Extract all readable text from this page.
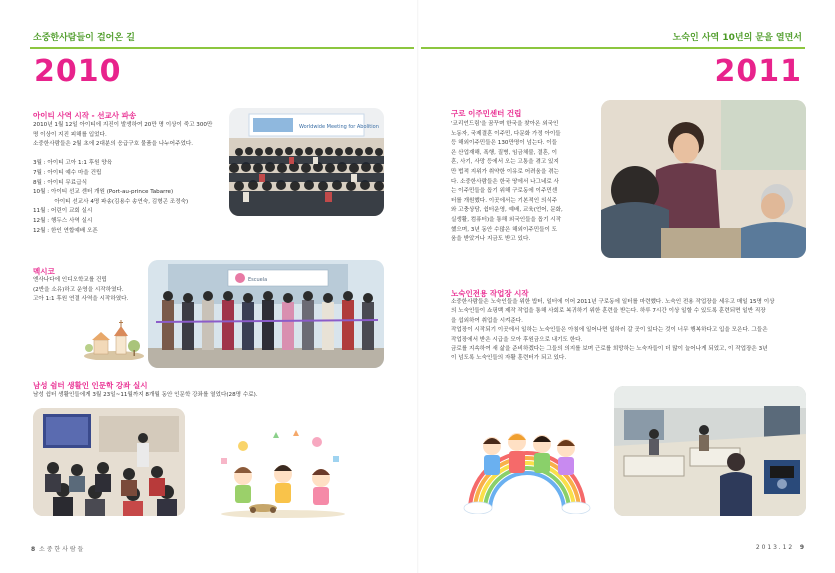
소중한사람들이 걸어온 길
2010
아이티 사역 시작 - 선교사 파송
2010년 1월 12일 아이티에 지진이 발생하여 20만 명 이상이 죽고 300만
명 이상이 지진 피해를 입었다.
소중한사람들은 2월 초에 2대분의 응급구호 물품을 나누어주었다.
3월 : 아이티 고아 1:1 후원 양육
7월 : 아이티 예수 마을 건립
8월 : 아이티 무료급식
10월 : 아이티 선교 센터 개원 (Port-au-prince Tabarre)
아이티 선교사 4명 파송(김용수 송연숙, 김형곤 조정숙)
11월 : 어린이 교회 실시
12월 : 행두스 사역 실시
12월 : 한인 연합예배 오픈
Worldwide Meeting for Abolition
멕시코
엔사나다에 인디오학교를 건립
(2반을 소유)하고 운영을 시작하였다.
고아 1:1 후원 연결 사역을 시작하였다.
Escuela
남성 쉼터 생활인 인문학 강좌 실시
남성 쉼터 생활인들에게 3월 23일~11월까지 8개월 동안 인문학 강좌를 열었다(28명 수료).
8 소 중 한 사 람 들
노숙인 사역 10년의 문을 열면서
2011
구로 이주민센터 건립
'코리언드림'을 꿈꾸며 한국을 찾아온 외국인
노동자, 국제결혼 이주민, 다문화 가정 아이들
등 해외이주민들은 130만명이 넘는다. 이들
은 산업재해, 폭행, 질병, 임금체불, 결혼, 이
혼, 사기, 사망 등에서 오는 고통을 겪고 있지
만 법적 지위가 취약한 이유로 어려움을 겪는
다. 소중한사람들은 한국 땅에서 나그네로 사
는 이주민들을 돕기 위해 구로동에 이주민센
터를 개원했다. 이곳에서는 기본적인 의식주
와 고충상담, 쉼터운영, 예배, 교육(언어, 문화,
실생활, 컴퓨터)을 통해 외국인들을 돕기 시작
했으며, 3년 동안 수많은 해외이주민들이 도
움을 받았거나 지금도 받고 있다.
노숙인전용 작업장 시작
소중한사람들은 노숙인들을 위한 밥터, 일터에 이어 2011년 구로동에 일터를 마련했다. 노숙인 전용 작업장을 세우고 매일 15명 이상
의 노숙인들이 쇼핑백 제작 작업을 통해 사회로 복귀하기 위한 훈련을 받는다. 하루 7시간 이상 일할 수 있도록 훈련되면 일반 직장
을 섭외하여 취업을 시켜준다.
작업장이 시작되기 이곳에서 일하는 노숙인들은 아침에 일어나면 일하러 갈 곳이 있다는 것이 너무 행복하다고 입을 모은다. 그들은
작업장에서 받은 시급을 모아 후원금으로 내기도 한다.
금로를 지속하여 새 삶을 준비하겠다는 그들의 의지를 보며 근로를 희망하는 노숙자들이 더 많이 늘어나게 되었고, 이 작업장은 3년
이 넘도록 노숙인들의 자활 훈련터가 되고 있다.
2 0 1 3 . 1 2 9
